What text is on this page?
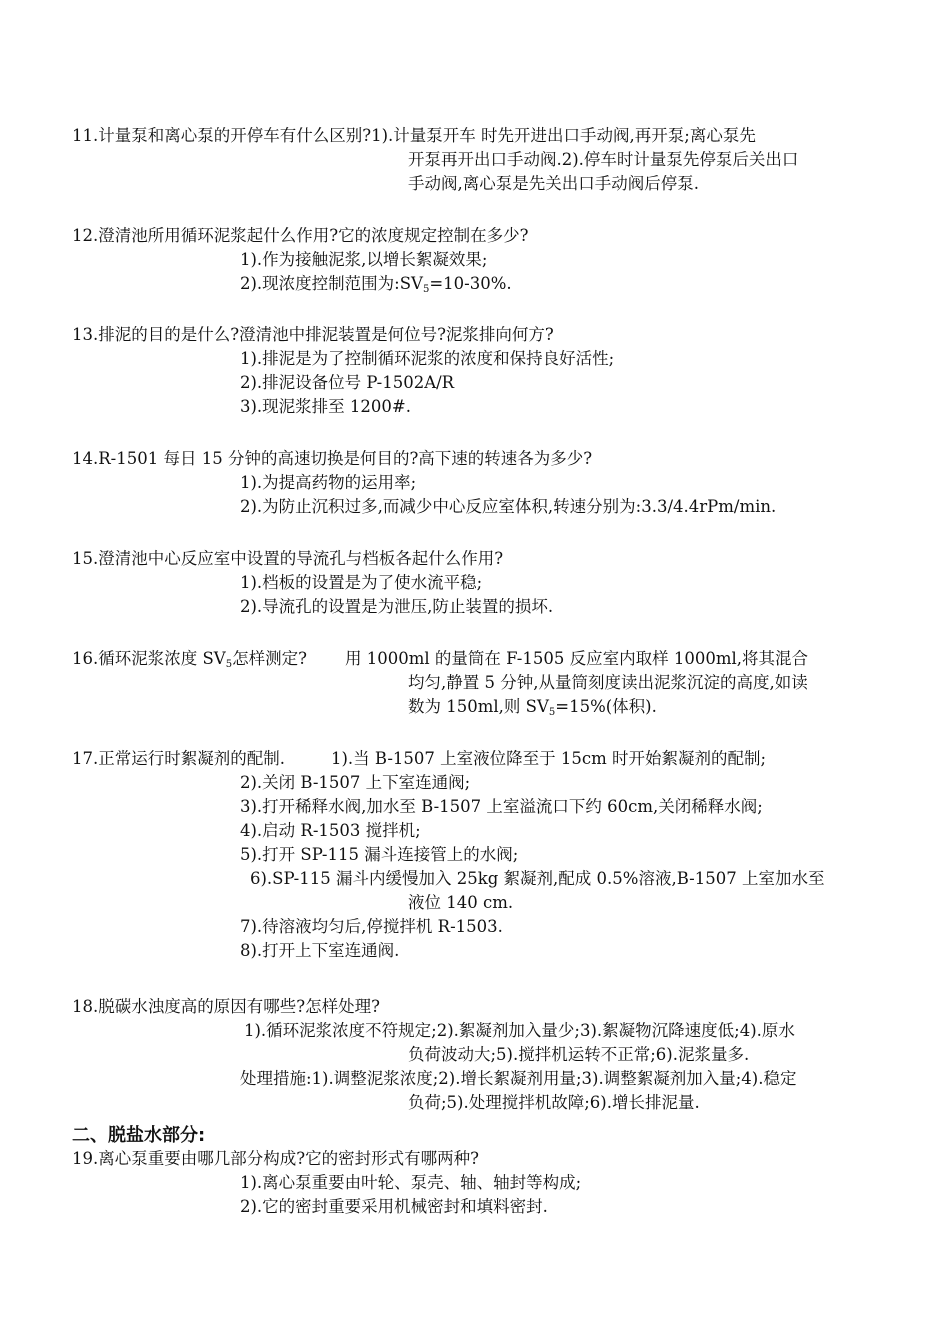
11.计量泵和离心泵的开停车有什么区别?1).计量泵开车 时先开进出口手动阀,再开泵;离心泵先
开泵再开出口手动阀.2).停车时计量泵先停泵后关出口
手动阀,离心泵是先关出口手动阀后停泵.
12.澄清池所用循环泥浆起什么作用?它的浓度规定控制在多少?
1).作为接触泥浆,以增长絮凝效果;
2).现浓度控制范围为$:SV_5=10-30\%$.
13.排泥的目的是什么?澄清池中排泥装置是何位号?泥浆排向何方?
1).排泥是为了控制循环泥浆的浓度和保持良好活性;
2).排泥设备位号 P-1502A/R
3).现泥浆排至 1200#.
14.R-1501 每日 15 分钟的高速切换是何目的?高下速的转速各为多少?
1).为提高药物的运用率;
2).为防止沉积过多,而减少中心反应室体积,转速分别为:3.3/4.4rPm/min.
15.澄清池中心反应室中设置的导流孔与档板各起什么作用?
1).档板的设置是为了使水流平稳;
2).导流孔的设置是为泄压,防止装置的损坏.
16.循环泥浆浓度 $SV_5$怎样测定? 用 1000ml 的量筒在 F-1505 反应室内取样 1000ml,将其混合
均匀,静置 5 分钟,从量筒刻度读出泥浆沉淀的高度,如读
数为 150ml,则 $SV_5=15\%$(体积).
17.正常运行时絮凝剂的配制.	1).当 B-1507 上室液位降至于 15cm 时开始絮凝剂的配制;
2).关闭 B-1507 上下室连通阀;
3).打开稀释水阀,加水至 B-1507 上室溢流口下约 60cm,关闭稀释水阀;
4).启动 R-1503 搅拌机;
5).打开 SP-115 漏斗连接管上的水阀;
6).SP-115 漏斗内缓慢加入 25kg 絮凝剂,配成 0.5%溶液,B-1507 上室加水至
液位 140 cm.
7).待溶液均匀后,停搅拌机 R-1503.
8).打开上下室连通阀.
18.脱碳水浊度高的原因有哪些?怎样处理?
1).循环泥浆浓度不符规定;2).絮凝剂加入量少;3).絮凝物沉降速度低;4).原水
负荷波动大;5).搅拌机运转不正常;6).泥浆量多.
处理措施:1).调整泥浆浓度;2).增长絮凝剂用量;3).调整絮凝剂加入量;4).稳定
负荷;5).处理搅拌机故障;6).增长排泥量.
二、脱盐水部分:
19.离心泵重要由哪几部分构成?它的密封形式有哪两种?
1).离心泵重要由叶轮、泵壳、轴、轴封等构成;
2).它的密封重要采用机械密封和填料密封.
